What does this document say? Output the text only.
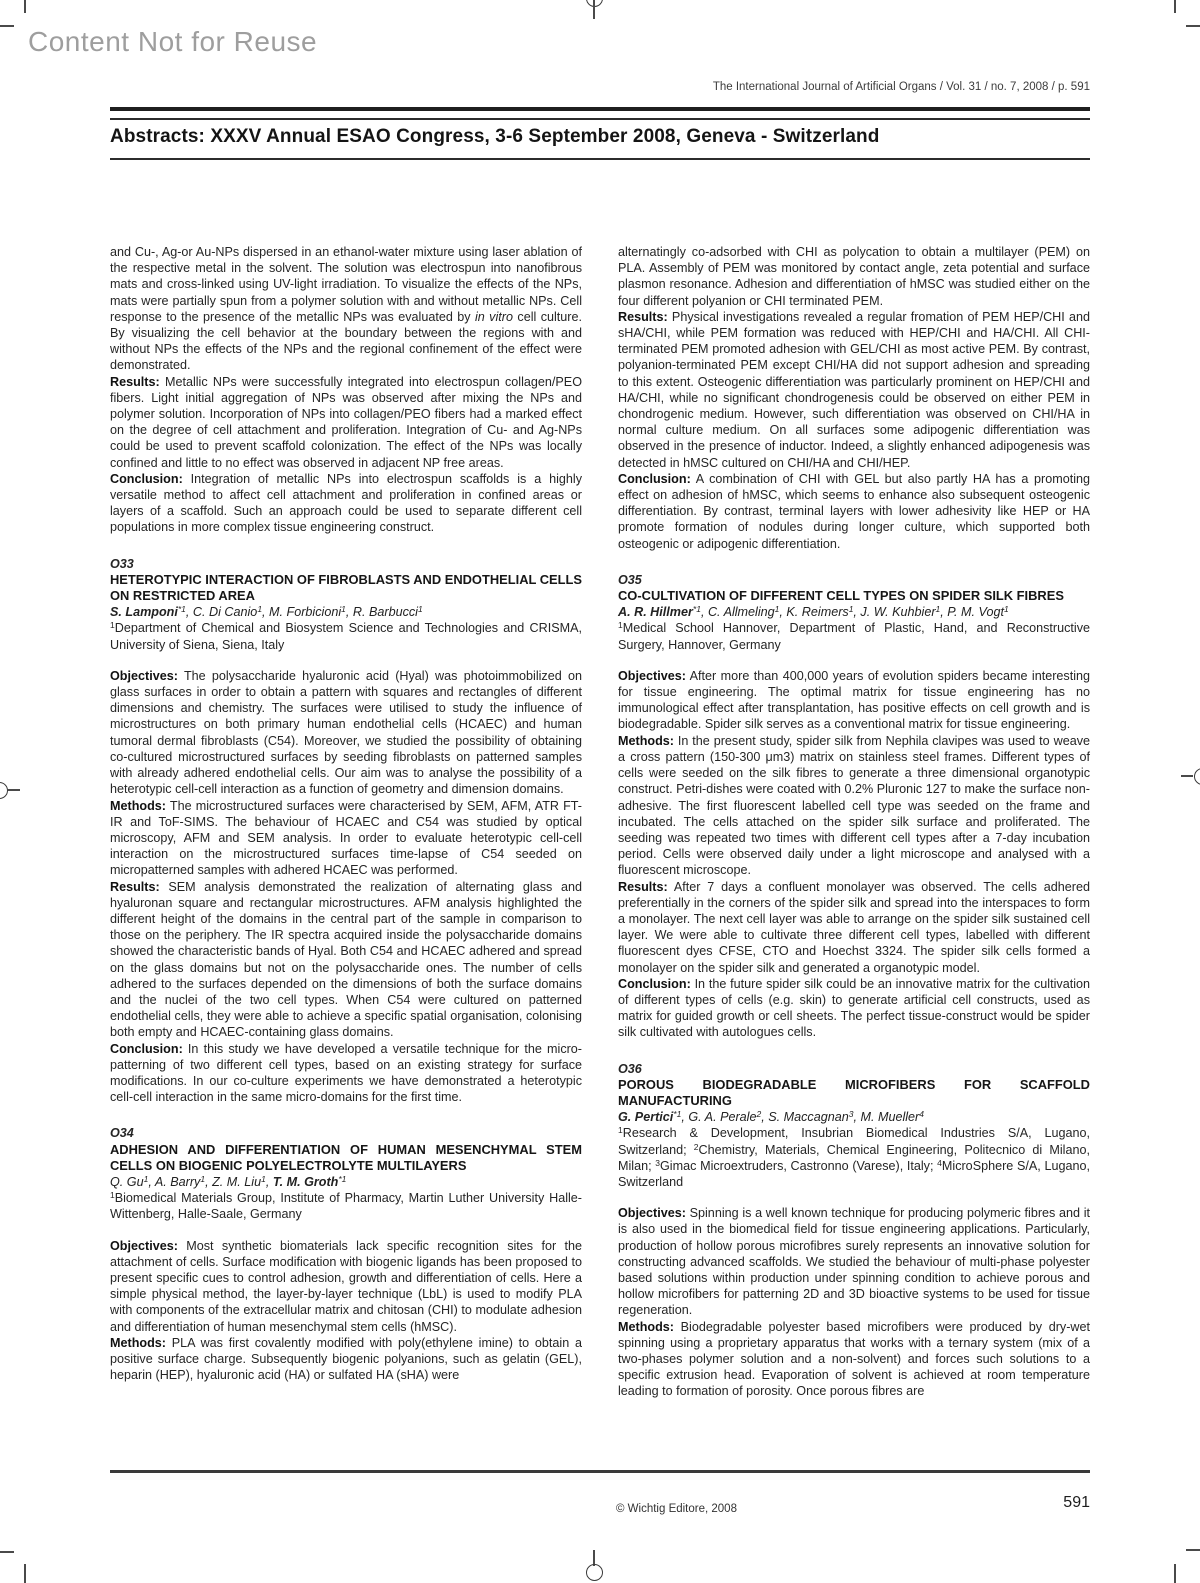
Content Not for Reuse
The International Journal of Artificial Organs / Vol. 31 / no. 7, 2008 / p. 591
Abstracts: XXXV Annual ESAO Congress, 3-6 September 2008, Geneva - Switzerland

and Cu-, Ag-or Au-NPs dispersed in an ethanol-water mixture using laser ablation of the respective metal in the solvent. The solution was electrospun into nanofibrous mats and cross-linked using UV-light irradiation. To visualize the effects of the NPs, mats were partially spun from a polymer solution with and without metallic NPs. Cell response to the presence of the metallic NPs was evaluated by in vitro cell culture. By visualizing the cell behavior at the boundary between the regions with and without NPs the effects of the NPs and the regional confinement of the effect were demonstrated.

Results: Metallic NPs were successfully integrated into electrospun collagen/PEO fibers. Light initial aggregation of NPs was observed after mixing the NPs and polymer solution. Incorporation of NPs into collagen/PEO fibers had a marked effect on the degree of cell attachment and proliferation. Integration of Cu- and Ag-NPs could be used to prevent scaffold colonization. The effect of the NPs was locally confined and little to no effect was observed in adjacent NP free areas.

Conclusion: Integration of metallic NPs into electrospun scaffolds is a highly versatile method to affect cell attachment and proliferation in confined areas or layers of a scaffold. Such an approach could be used to separate different cell populations in more complex tissue engineering construct.

O33
HETEROTYPIC INTERACTION OF FIBROBLASTS AND ENDOTHELIAL CELLS ON RESTRICTED AREA
S. Lamponi$^{*1}$, C. Di Canio$^1$, M. Forbicioni$^1$, R. Barbucci$^1$
$^1$Department of Chemical and Biosystem Science and Technologies and CRISMA, University of Siena, Siena, Italy

Objectives: The polysaccharide hyaluronic acid (Hyal) was photoimmobilized on glass surfaces in order to obtain a pattern with squares and rectangles of different dimensions and chemistry. The surfaces were utilised to study the influence of microstructures on both primary human endothelial cells (HCAEC) and human tumoral dermal fibroblasts (C54). Moreover, we studied the possibility of obtaining co-cultured microstructured surfaces by seeding fibroblasts on patterned samples with already adhered endothelial cells. Our aim was to analyse the possibility of a heterotypic cell-cell interaction as a function of geometry and dimension domains.

Methods: The microstructured surfaces were characterised by SEM, AFM, ATR FT-IR and ToF-SIMS. The behaviour of HCAEC and C54 was studied by optical microscopy, AFM and SEM analysis. In order to evaluate heterotypic cell-cell interaction on the microstructured surfaces time-lapse of C54 seeded on micropatterned samples with adhered HCAEC was performed.

Results: SEM analysis demonstrated the realization of alternating glass and hyaluronan square and rectangular microstructures. AFM analysis highlighted the different height of the domains in the central part of the sample in comparison to those on the periphery. The IR spectra acquired inside the polysaccharide domains showed the characteristic bands of Hyal. Both C54 and HCAEC adhered and spread on the glass domains but not on the polysaccharide ones. The number of cells adhered to the surfaces depended on the dimensions of both the surface domains and the nuclei of the two cell types. When C54 were cultured on patterned endothelial cells, they were able to achieve a specific spatial organisation, colonising both empty and HCAEC-containing glass domains.

Conclusion: In this study we have developed a versatile technique for the micro-patterning of two different cell types, based on an existing strategy for surface modifications. In our co-culture experiments we have demonstrated a heterotypic cell-cell interaction in the same micro-domains for the first time.

O34
ADHESION AND DIFFERENTIATION OF HUMAN MESENCHYMAL STEM CELLS ON BIOGENIC POLYELECTROLYTE MULTILAYERS
Q. Gu$^1$, A. Barry$^1$, Z. M. Liu$^1$, T. M. Groth$^{*1}$
$^1$Biomedical Materials Group, Institute of Pharmacy, Martin Luther University Halle-Wittenberg, Halle-Saale, Germany

Objectives: Most synthetic biomaterials lack specific recognition sites for the attachment of cells. Surface modification with biogenic ligands has been proposed to present specific cues to control adhesion, growth and differentiation of cells. Here a simple physical method, the layer-by-layer technique (LbL) is used to modify PLA with components of the extracellular matrix and chitosan (CHI) to modulate adhesion and differentiation of human mesenchymal stem cells (hMSC).

Methods: PLA was first covalently modified with poly(ethylene imine) to obtain a positive surface charge. Subsequently biogenic polyanions, such as gelatin (GEL), heparin (HEP), hyaluronic acid (HA) or sulfated HA (sHA) were

alternatingly co-adsorbed with CHI as polycation to obtain a multilayer (PEM) on PLA. Assembly of PEM was monitored by contact angle, zeta potential and surface plasmon resonance. Adhesion and differentiation of hMSC was studied either on the four different polyanion or CHI terminated PEM.

Results: Physical investigations revealed a regular fromation of PEM HEP/CHI and sHA/CHI, while PEM formation was reduced with HEP/CHI and HA/CHI. All CHI-terminated PEM promoted adhesion with GEL/CHI as most active PEM. By contrast, polyanion-terminated PEM except CHI/HA did not support adhesion and spreading to this extent. Osteogenic differentiation was particularly prominent on HEP/CHI and HA/CHI, while no significant chondrogenesis could be observed on either PEM in chondrogenic medium. However, such differentiation was observed on CHI/HA in normal culture medium. On all surfaces some adipogenic differentiation was observed in the presence of inductor. Indeed, a slightly enhanced adipogenesis was detected in hMSC cultured on CHI/HA and CHI/HEP.

Conclusion: A combination of CHI with GEL but also partly HA has a promoting effect on adhesion of hMSC, which seems to enhance also subsequent osteogenic differentiation. By contrast, terminal layers with lower adhesivity like HEP or HA promote formation of nodules during longer culture, which supported both osteogenic or adipogenic differentiation.

O35
CO-CULTIVATION OF DIFFERENT CELL TYPES ON SPIDER SILK FIBRES
A. R. Hillmer$^{*1}$, C. Allmeling$^1$, K. Reimers$^1$, J. W. Kuhbier$^1$, P. M. Vogt$^1$
$^1$Medical School Hannover, Department of Plastic, Hand, and Reconstructive Surgery, Hannover, Germany

Objectives: After more than 400,000 years of evolution spiders became interesting for tissue engineering. The optimal matrix for tissue engineering has no immunological effect after transplantation, has positive effects on cell growth and is biodegradable. Spider silk serves as a conventional matrix for tissue engineering.

Methods: In the present study, spider silk from Nephila clavipes was used to weave a cross pattern (150-300 μm3) matrix on stainless steel frames. Different types of cells were seeded on the silk fibres to generate a three dimensional organotypic construct. Petri-dishes were coated with 0.2% Pluronic 127 to make the surface non-adhesive. The first fluorescent labelled cell type was seeded on the frame and incubated. The cells attached on the spider silk surface and proliferated. The seeding was repeated two times with different cell types after a 7-day incubation period. Cells were observed daily under a light microscope and analysed with a fluorescent microscope.

Results: After 7 days a confluent monolayer was observed. The cells adhered preferentially in the corners of the spider silk and spread into the interspaces to form a monolayer. The next cell layer was able to arrange on the spider silk sustained cell layer. We were able to cultivate three different cell types, labelled with different fluorescent dyes CFSE, CTO and Hoechst 3324. The spider silk cells formed a monolayer on the spider silk and generated a organotypic model.

Conclusion: In the future spider silk could be an innovative matrix for the cultivation of different types of cells (e.g. skin) to generate artificial cell constructs, used as matrix for guided growth or cell sheets. The perfect tissue-construct would be spider silk cultivated with autologues cells.

O36
POROUS BIODEGRADABLE MICROFIBERS FOR SCAFFOLD MANUFACTURING
G. Pertici$^{*1}$, G. A. Perale$^2$, S. Maccagnan$^3$, M. Mueller$^4$
$^1$Research & Development, Insubrian Biomedical Industries S/A, Lugano, Switzerland; $^2$Chemistry, Materials, Chemical Engineering, Politecnico di Milano, Milan; $^3$Gimac Microextruders, Castronno (Varese), Italy; $^4$MicroSphere S/A, Lugano, Switzerland

Objectives: Spinning is a well known technique for producing polymeric fibres and it is also used in the biomedical field for tissue engineering applications. Particularly, production of hollow porous microfibres surely represents an innovative solution for constructing advanced scaffolds. We studied the behaviour of multi-phase polyester based solutions within production under spinning condition to achieve porous and hollow microfibers for patterning 2D and 3D bioactive systems to be used for tissue regeneration.

Methods: Biodegradable polyester based microfibers were produced by dry-wet spinning using a proprietary apparatus that works with a ternary system (mix of a two-phases polymer solution and a non-solvent) and forces such solutions to a specific extrusion head. Evaporation of solvent is achieved at room temperature leading to formation of porosity. Once porous fibres are

© Wichtig Editore, 2008	591
